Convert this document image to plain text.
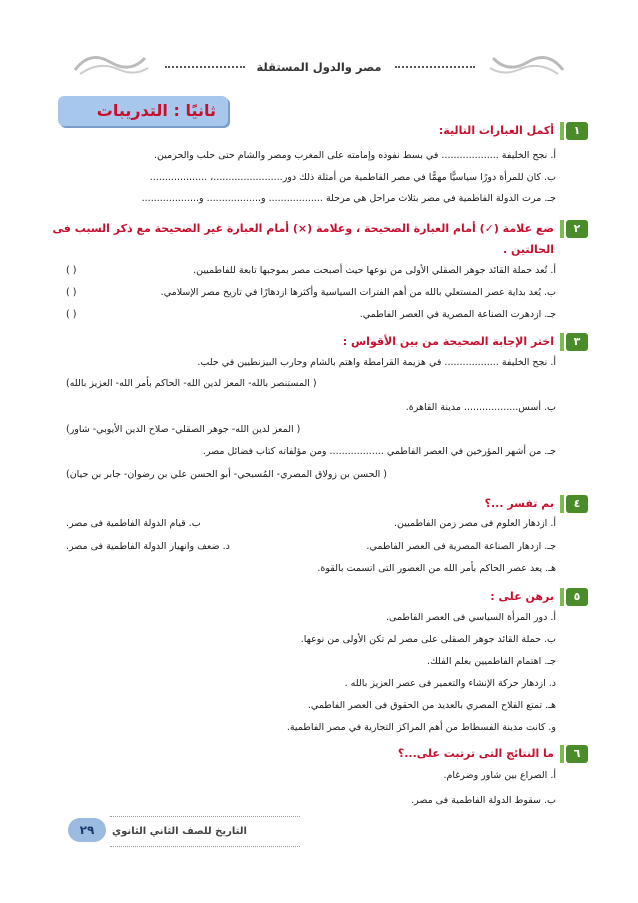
مصر والدول المستقلة
ثانيًا : التدريبات
١
أكمل العبارات التالية:
أ. نجح الخليفة ................... في بسط نفوذه وإمامته على المغرب ومصر والشام حتى حلب والحرمين.
ب. كان للمرأة دورًا سياسيًّا مهمًّا في مصر الفاطمية من أمثلة ذلك دور.......................، ...................
جـ. مرت الدولة الفاطمية في مصر بثلاث مراحل هي مرحلة .................. و.................. و...................
٢
ضع علامة (✓) أمام العبارة الصحيحة ، وعلامة (×) أمام العبارة غير الصحيحة مع ذكر السبب فى
الحالتين .
أ. تُعد حملة القائد جوهر الصقلي الأولى من نوعها حيث أصبحت مصر بموجبها تابعة للفاطميين.
( )
ب. يُعد بداية عصر المستعلي بالله من أهم الفترات السياسية وأكثرها ازدهارًا في تاريخ مصر الإسلامي.
( )
جـ. ازدهرت الصناعة المصرية في العصر الفاطمي.
( )
٣
اختر الإجابة الصحيحة من بين الأقواس :
أ. نجح الخليفة .................. في هزيمة القرامطة واهتم بالشام وحارب البيزنطيين في حلب.
( المستنصر بالله- المعز لدين الله- الحاكم بأمر الله- العزيز بالله)
ب. أسس.................. مدينة القاهرة.
( المعز لدين الله- جوهر الصقلي- صلاح الدين الأيوبي- شاور)
جـ. من أشهر المؤرخين في العصر الفاطمي .................. ومن مؤلفاته كتاب فضائل مصر.
( الحسن بن زولاق المصري- المُسبحي- أبو الحسن علي بن رضوان- جابر بن حيان)
٤
بم تفسر ...؟
أ. ازدهار العلوم فى مصر زمن الفاطميين.
ب. قيام الدولة الفاطمية فى مصر.
جـ. ازدهار الصناعة المصرية فى العصر الفاطمي.
د. ضعف وانهيار الدولة الفاطمية فى مصر.
هـ. يعد عصر الحاكم بأمر الله من العصور التى اتسمت بالقوة.
٥
برهن على :
أ. دور المرأة السياسي فى العصر الفاطمى.
ب. حملة القائد جوهر الصقلى على مصر لم تكن الأولى من نوعها.
جـ. اهتمام الفاطميين بعلم الفلك.
د. ازدهار حركة الإنشاء والتعمير فى عصر العزيز بالله .
هـ. تمتع الفلاح المصري بالعديد من الحقوق فى العصر الفاطمي.
و. كانت مدينة الفسطاط من أهم المراكز التجارية في مصر الفاطمية.
٦
ما النتائج التى ترتبت على...؟
أ. الصراع بين شاور وضرغام.
ب. سقوط الدولة الفاطمية فى مصر.
التاريخ للصف الثاني الثانوي
٢٩
